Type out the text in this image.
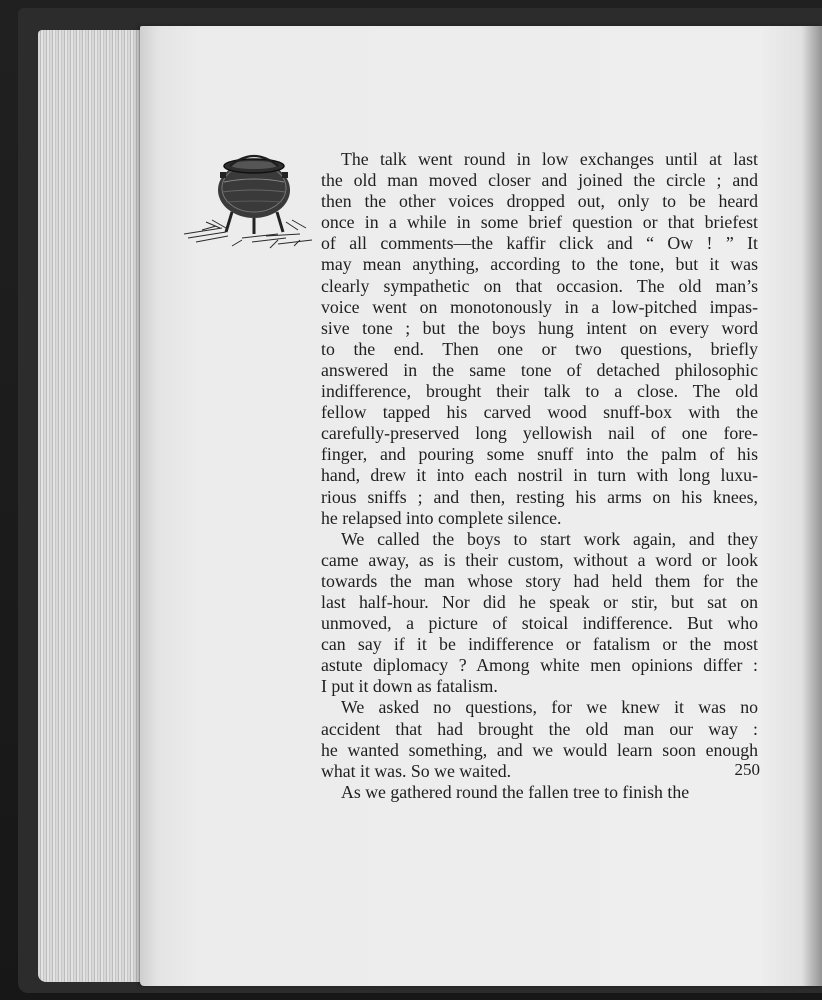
The talk went round in low exchanges until at last
the old man moved closer and joined the circle ; and
then the other voices dropped out, only to be heard
once in a while in some brief question or that briefest
of all comments—the kaffir click and “ Ow ! ” It
may mean anything, according to the tone, but it was
clearly sympathetic on that occasion. The old man’s
voice went on monotonously in a low-pitched impas-
sive tone ; but the boys hung intent on every word
to the end. Then one or two questions, briefly
answered in the same tone of detached philosophic
indifference, brought their talk to a close. The old
fellow tapped his carved wood snuff-box with the
carefully-preserved long yellowish nail of one fore-
finger, and pouring some snuff into the palm of his
hand, drew it into each nostril in turn with long luxu-
rious sniffs ; and then, resting his arms on his knees,
he relapsed into complete silence.
We called the boys to start work again, and they
came away, as is their custom, without a word or look
towards the man whose story had held them for the
last half-hour. Nor did he speak or stir, but sat on
unmoved, a picture of stoical indifference. But who
can say if it be indifference or fatalism or the most
astute diplomacy ? Among white men opinions differ :
I put it down as fatalism.
We asked no questions, for we knew it was no
accident that had brought the old man our way :
he wanted something, and we would learn soon enough
what it was. So we waited.
As we gathered round the fallen tree to finish the
250
